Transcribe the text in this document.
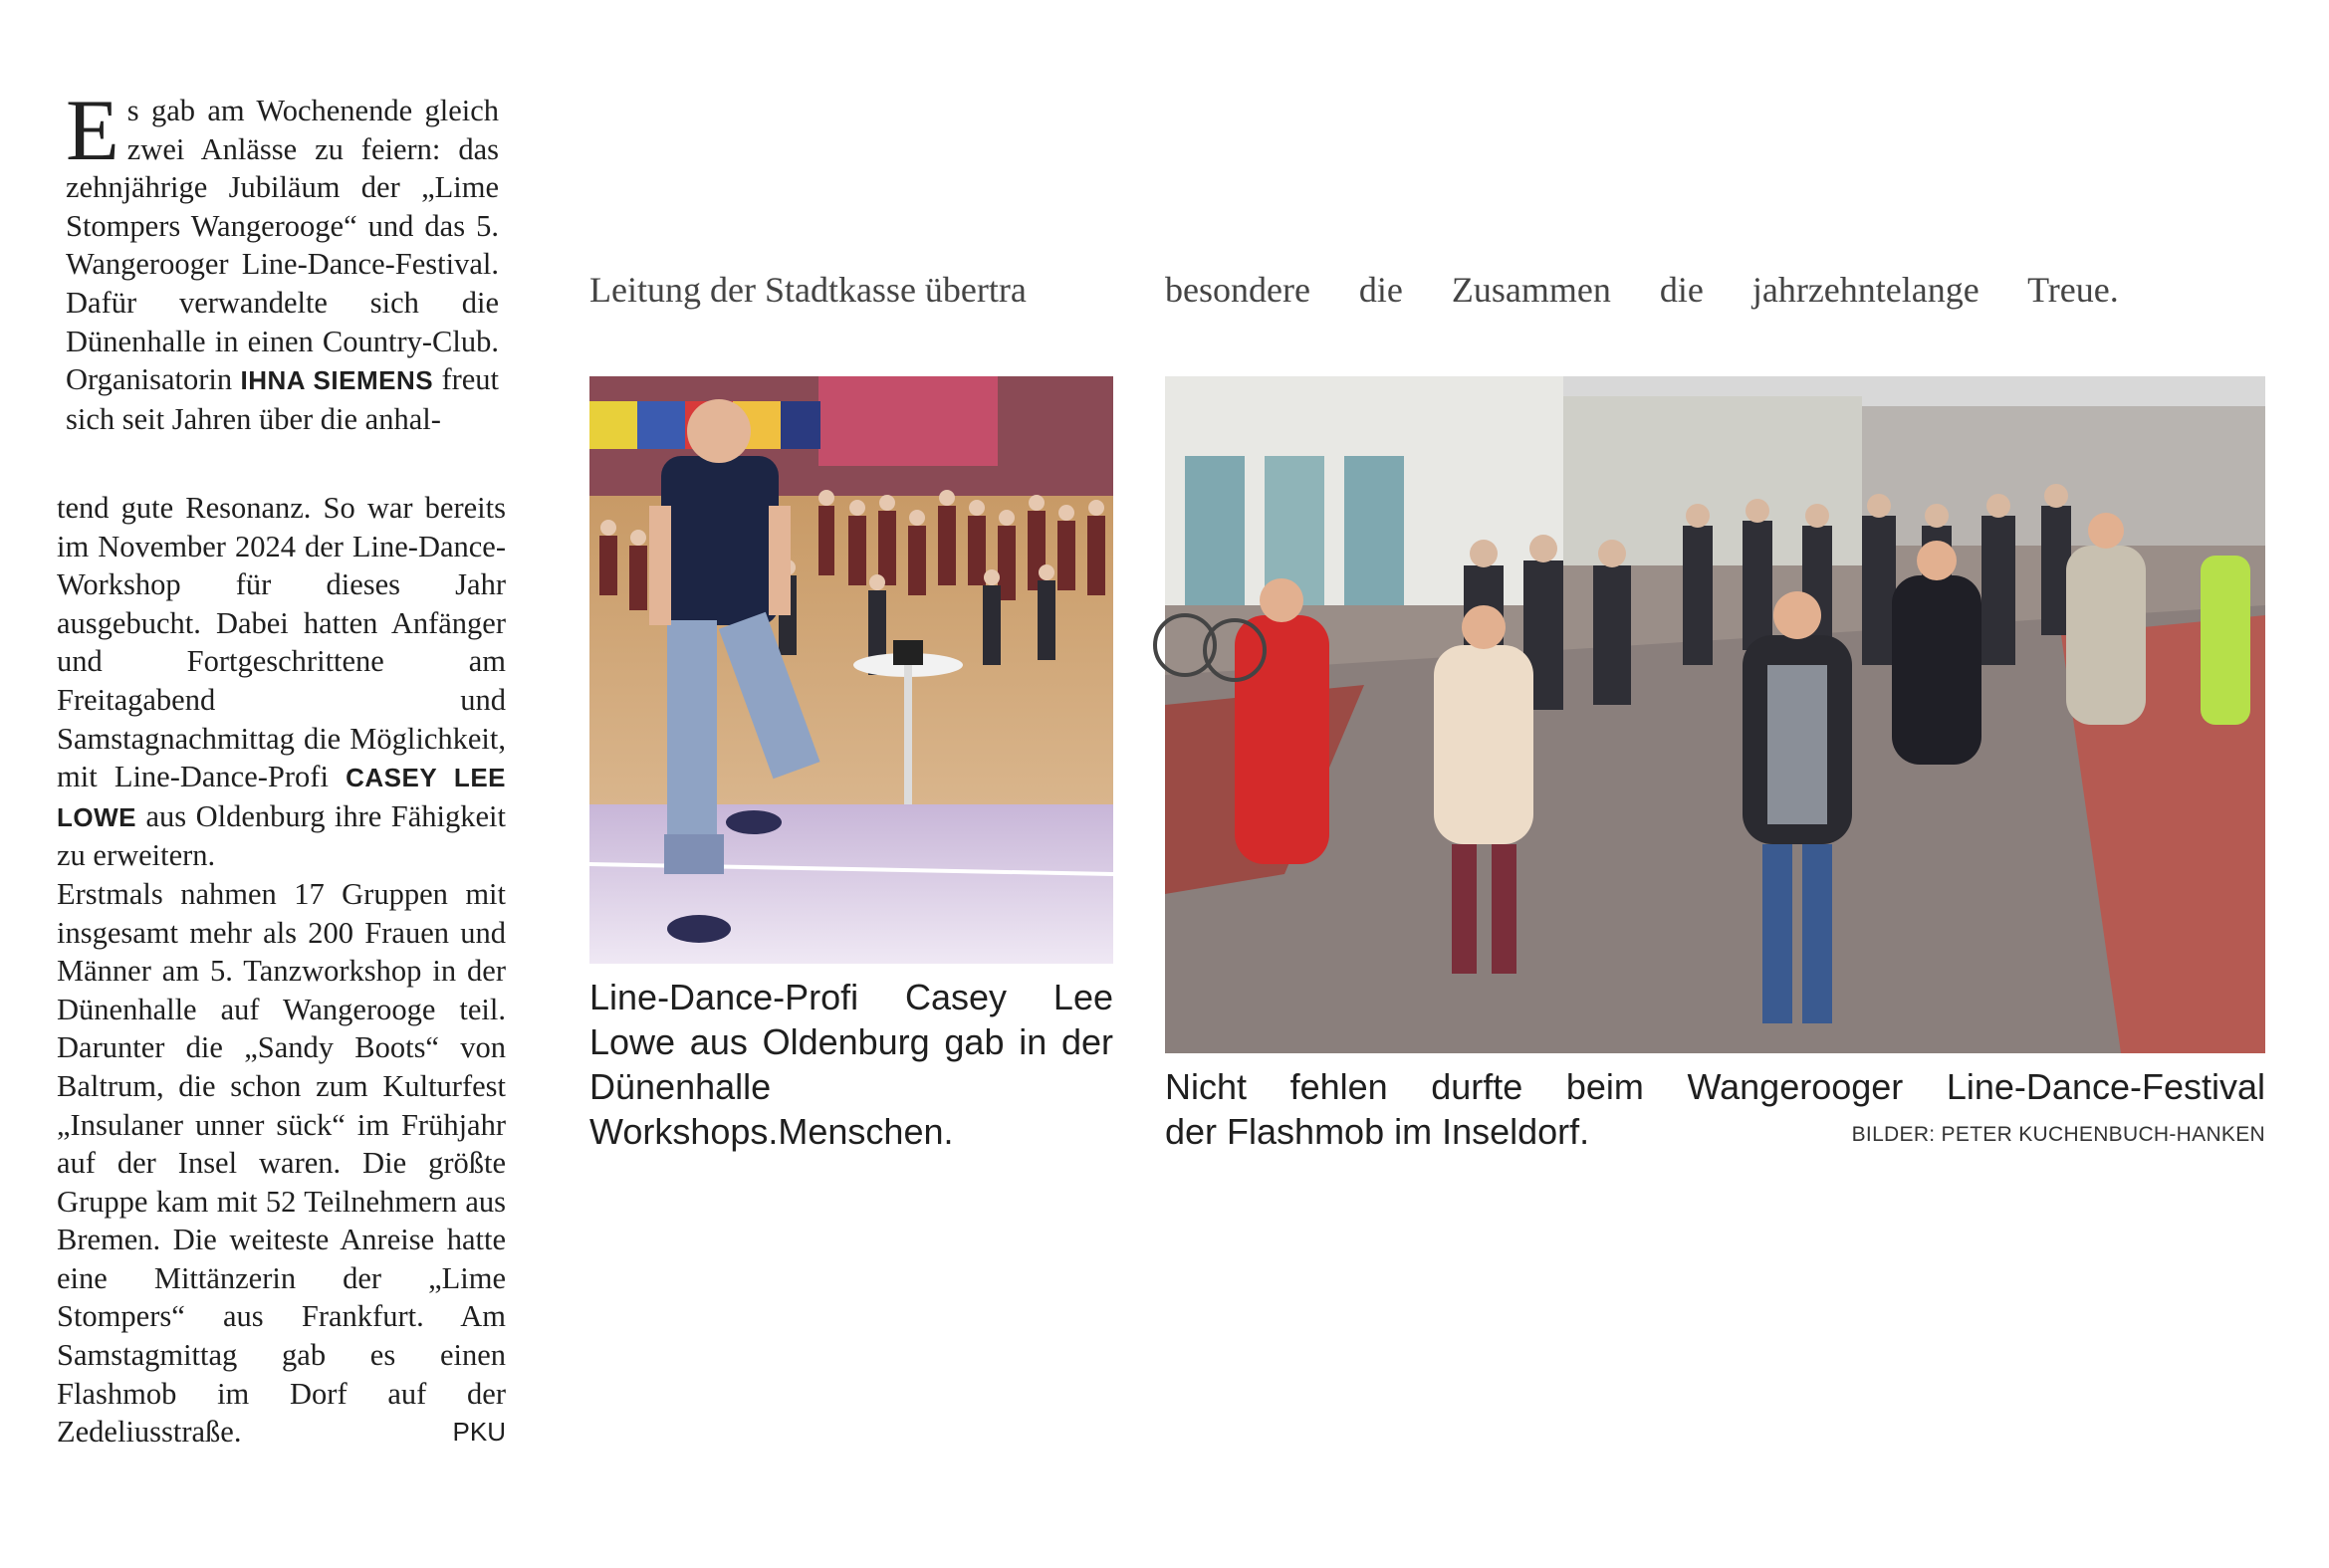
Es gab am Wochenende gleich zwei Anlässe zu feiern: das zehnjährige Jubiläum der „Lime Stompers Wangerooge“ und das 5. Wangerooger Line-Dance-Festival. Dafür verwandelte sich die Dünenhalle in einen Country-Club. Organisatorin IHNA SIEMENS freut sich seit Jahren über die anhal-
tend gute Resonanz. So war bereits im November 2024 der Line-Dance-Workshop für dieses Jahr ausgebucht. Dabei hatten Anfänger und Fortgeschrittene am Freitagabend und Samstagnachmittag die Möglichkeit, mit Line-Dance-Profi CASEY LEE LOWE aus Oldenburg ihre Fähigkeit zu erweitern.
Erstmals nahmen 17 Gruppen mit insgesamt mehr als 200 Frauen und Männer am 5. Tanzworkshop in der Dünenhalle auf Wangerooge teil. Darunter die „Sandy Boots“ von Baltrum, die schon zum Kulturfest „Insulaner unner sück“ im Frühjahr auf der Insel waren. Die größte Gruppe kam mit 52 Teilnehmern aus Bremen. Die weiteste Anreise hatte eine Mittänzerin der „Lime Stompers“ aus Frankfurt. Am Samstagmittag gab es einen Flashmob im Dorf auf der Zedeliusstraße.	PKU
Leitung der Stadtkasse übertra	besondere die Zusammen die jahrzehntelange Treue.
Line-Dance-Profi Casey Lee Lowe aus Oldenburg gab in der Dünenhalle Workshops.Menschen.
Nicht fehlen durfte beim Wangerooger Line-Dance-Festival
der Flashmob im Inseldorf.	BILDER: PETER KUCHENBUCH-HANKEN
